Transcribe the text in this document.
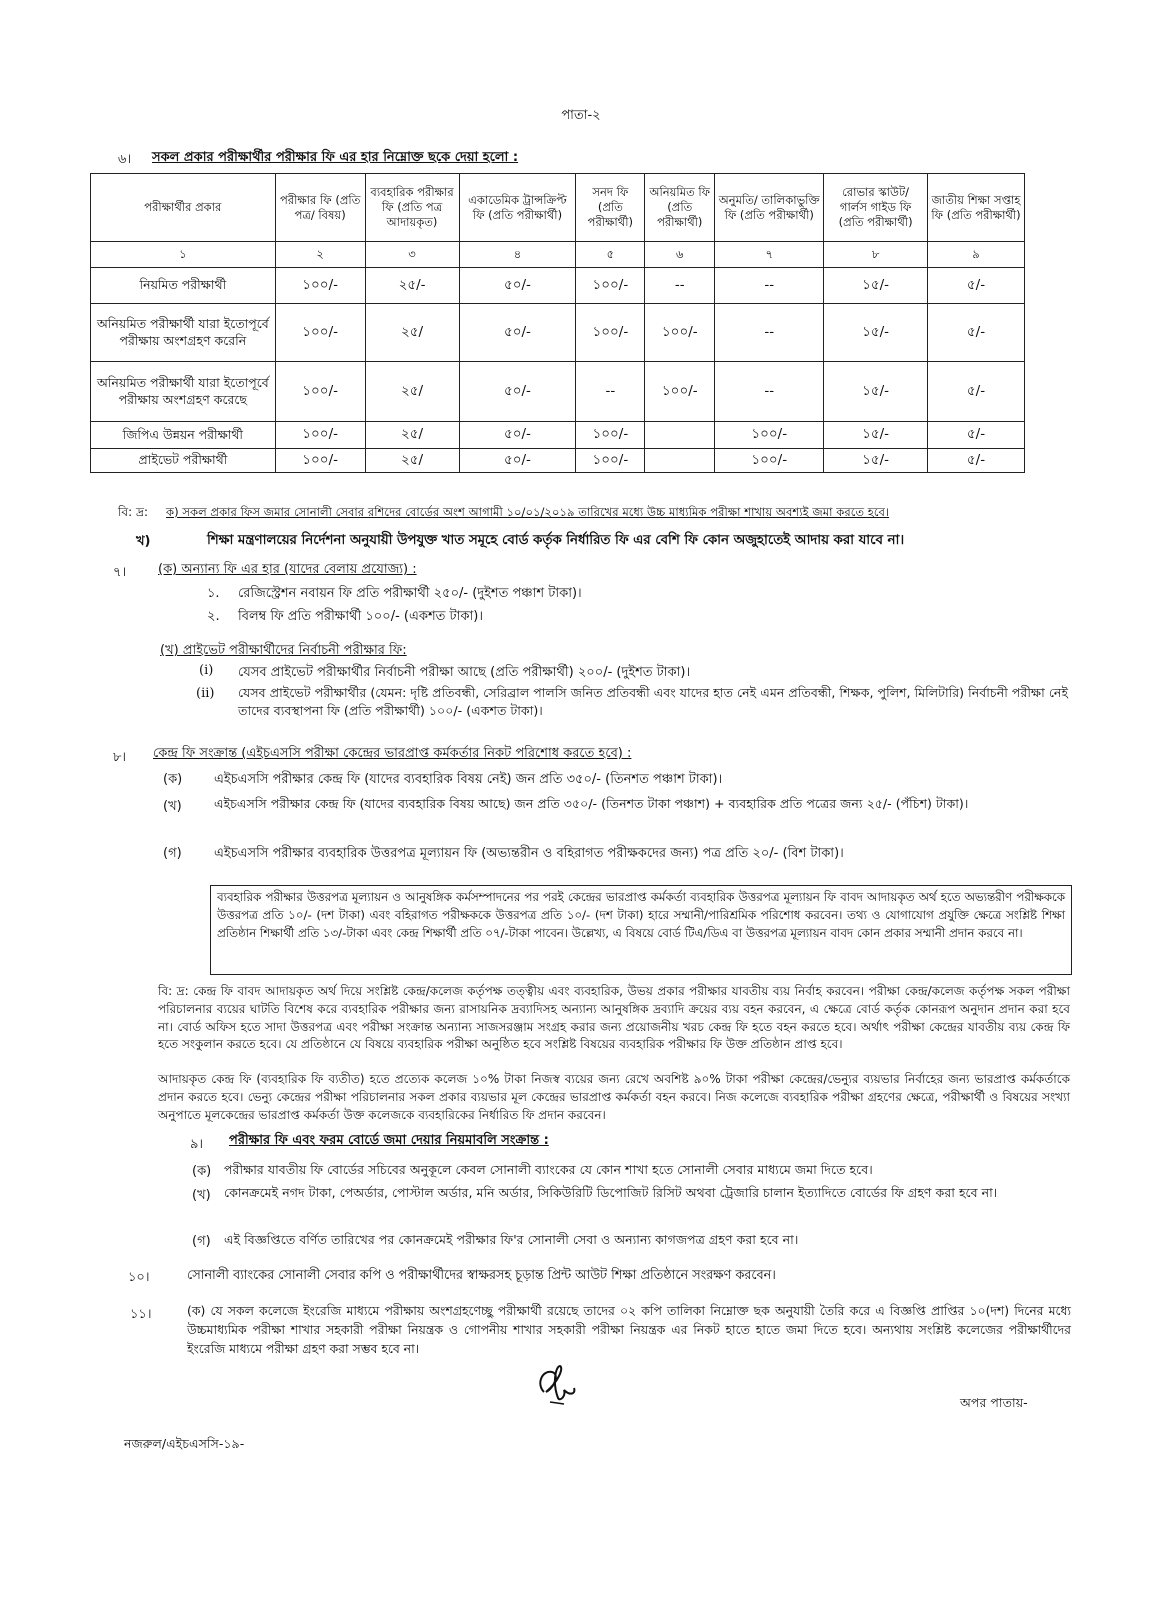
পাতা-২
৬। সকল প্রকার পরীক্ষার্থীর পরীক্ষার ফি এর হার নিম্নোক্ত ছকে দেয়া হলো :
পরীক্ষার্থীর প্রকার	পরীক্ষার ফি (প্রতি পত্র/ বিষয়)	ব্যবহারিক পরীক্ষার ফি (প্রতি পত্র আদায়কৃত)	একাডেমিক ট্রান্সক্রিপ্ট ফি (প্রতি পরীক্ষার্থী)	সনদ ফি (প্রতি পরীক্ষার্থী)	অনিয়মিত ফি (প্রতি পরীক্ষার্থী)	অনুমতি/ তালিকাভুক্তি ফি (প্রতি পরীক্ষার্থী)	রোভার স্কাউট/ গার্লস গাইড ফি (প্রতি পরীক্ষার্থী)	জাতীয় শিক্ষা সপ্তাহ ফি (প্রতি পরীক্ষার্থী)
১	২	৩	৪	৫	৬	৭	৮	৯
নিয়মিত পরীক্ষার্থী	১০০/-	২৫/-	৫০/-	১০০/-	--	--	১৫/-	৫/-
অনিয়মিত পরীক্ষার্থী যারা ইতোপূর্বে পরীক্ষায় অংশগ্রহণ করেনি	১০০/-	২৫/	৫০/-	১০০/-	১০০/-	--	১৫/-	৫/-
অনিয়মিত পরীক্ষার্থী যারা ইতোপূর্বে পরীক্ষায় অংশগ্রহণ করেছে	১০০/-	২৫/	৫০/-	--	১০০/-	--	১৫/-	৫/-
জিপিএ উন্নয়ন পরীক্ষার্থী	১০০/-	২৫/	৫০/-	১০০/-		১০০/-	১৫/-	৫/-
প্রাইভেট পরীক্ষার্থী	১০০/-	২৫/	৫০/-	১০০/-		১০০/-	১৫/-	৫/-
বি: দ্র: ক) সকল প্রকার ফিস জমার সোনালী সেবার রশিদের বোর্ডের অংশ আগামী ১০/০১/২০১৯ তারিখের মধ্যে উচ্চ মাধ্যমিক পরীক্ষা শাখায় অবশ্যই জমা করতে হবে।
খ)	শিক্ষা মন্ত্রণালয়ের নির্দেশনা অনুযায়ী উপযুক্ত খাত সমূহে বোর্ড কর্তৃক নির্ধারিত ফি এর বেশি ফি কোন অজুহাতেই আদায় করা যাবে না।
৭। (ক) অন্যান্য ফি এর হার (যাদের বেলায় প্রযোজ্য) :
১. রেজিস্ট্রেশন নবায়ন ফি প্রতি পরীক্ষার্থী ২৫০/- (দুইশত পঞ্চাশ টাকা)।
২. বিলম্ব ফি প্রতি পরীক্ষার্থী ১০০/- (একশত টাকা)।
(খ) প্রাইভেট পরীক্ষার্থীদের নির্বাচনী পরীক্ষার ফি:
(i) যেসব প্রাইভেট পরীক্ষার্থীর নির্বাচনী পরীক্ষা আছে (প্রতি পরীক্ষার্থী) ২০০/- (দুইশত টাকা)।
(ii) যেসব প্রাইভেট পরীক্ষার্থীর (যেমন: দৃষ্টি প্রতিবন্ধী, সেরিব্রাল পালসি জনিত প্রতিবন্ধী এবং যাদের হাত নেই এমন প্রতিবন্ধী, শিক্ষক, পুলিশ, মিলিটারি) নির্বাচনী পরীক্ষা নেই তাদের ব্যবস্থাপনা ফি (প্রতি পরীক্ষার্থী) ১০০/- (একশত টাকা)।
৮। কেন্দ্র ফি সংক্রান্ত (এইচএসসি পরীক্ষা কেন্দ্রের ভারপ্রাপ্ত কর্মকর্তার নিকট পরিশোধ করতে হবে) :
(ক) এইচএসসি পরীক্ষার কেন্দ্র ফি (যাদের ব্যবহারিক বিষয় নেই) জন প্রতি ৩৫০/- (তিনশত পঞ্চাশ টাকা)।
(খ)	এইচএসসি পরীক্ষার কেন্দ্র ফি (যাদের ব্যবহারিক বিষয় আছে) জন প্রতি ৩৫০/- (তিনশত টাকা পঞ্চাশ) + ব্যবহারিক প্রতি পত্রের জন্য ২৫/- (পঁচিশ) টাকা)।
(গ) এইচএসসি পরীক্ষার ব্যবহারিক উত্তরপত্র মূল্যায়ন ফি (অভ্যন্তরীন ও বহিরাগত পরীক্ষকদের জন্য) পত্র প্রতি ২০/- (বিশ টাকা)।
ব্যবহারিক পরীক্ষার উত্তরপত্র মূল্যায়ন ও আনুষঙ্গিক কর্মসম্পাদনের পর পরই কেন্দ্রের ভারপ্রাপ্ত কর্মকর্তা ব্যবহারিক উত্তরপত্র মূল্যায়ন ফি বাবদ আদায়কৃত অর্থ হতে অভ্যন্তরীণ পরীক্ষককে উত্তরপত্র প্রতি ১০/- (দশ টাকা) এবং বহিরাগত পরীক্ষককে উত্তরপত্র প্রতি ১০/- (দশ টাকা) হারে সম্মানী/পারিশ্রমিক পরিশোধ করবেন। তথ্য ও যোগাযোগ প্রযুক্তি ক্ষেত্রে সংশ্লিষ্ট শিক্ষা প্রতিষ্ঠান শিক্ষার্থী প্রতি ১৩/-টাকা এবং কেন্দ্র শিক্ষার্থী প্রতি ০৭/-টাকা পাবেন। উল্লেখ্য, এ বিষয়ে বোর্ড টিএ/ডিএ বা উত্তরপত্র মূল্যায়ন বাবদ কোন প্রকার সম্মানী প্রদান করবে না।
বি: দ্র: কেন্দ্র ফি বাবদ আদায়কৃত অর্থ দিয়ে সংশ্লিষ্ট কেন্দ্র/কলেজ কর্তৃপক্ষ তত্ত্বীয় এবং ব্যবহারিক, উভয় প্রকার পরীক্ষার যাবতীয় ব্যয় নির্বাহ করবেন। পরীক্ষা কেন্দ্র/কলেজ কর্তৃপক্ষ সকল পরীক্ষা পরিচালনার ব্যয়ের ঘাটতি বিশেষ করে ব্যবহারিক পরীক্ষার জন্য রাসায়নিক দ্রব্যাদিসহ অন্যান্য আনুষঙ্গিক দ্রব্যাদি ক্রয়ের ব্যয় বহন করবেন, এ ক্ষেত্রে বোর্ড কর্তৃক কোনরূপ অনুদান প্রদান করা হবে না। বোর্ড অফিস হতে সাদা উত্তরপত্র এবং পরীক্ষা সংক্রান্ত অন্যান্য সাজসরঞ্জাম সংগ্রহ করার জন্য প্রয়োজনীয় খরচ কেন্দ্র ফি হতে বহন করতে হবে। অর্থাৎ পরীক্ষা কেন্দ্রের যাবতীয় ব্যয় কেন্দ্র ফি হতে সংকুলান করতে হবে। যে প্রতিষ্ঠানে যে বিষয়ে ব্যবহারিক পরীক্ষা অনুষ্ঠিত হবে সংশ্লিষ্ট বিষয়ের ব্যবহারিক পরীক্ষার ফি উক্ত প্রতিষ্ঠান প্রাপ্ত হবে।
আদায়কৃত কেন্দ্র ফি (ব্যবহারিক ফি ব্যতীত) হতে প্রত্যেক কলেজ ১০% টাকা নিজস্ব ব্যয়ের জন্য রেখে অবশিষ্ট ৯০% টাকা পরীক্ষা কেন্দ্রের/ভেন্যুর ব্যয়ভার নির্বাহের জন্য ভারপ্রাপ্ত কর্মকর্তাকে প্রদান করতে হবে। ভেন্যু কেন্দ্রের পরীক্ষা পরিচালনার সকল প্রকার ব্যয়ভার মূল কেন্দ্রের ভারপ্রাপ্ত কর্মকর্তা বহন করবে। নিজ কলেজে ব্যবহারিক পরীক্ষা গ্রহণের ক্ষেত্রে, পরীক্ষার্থী ও বিষয়ের সংখ্যা অনুপাতে মূলকেন্দ্রের ভারপ্রাপ্ত কর্মকর্তা উক্ত কলেজকে ব্যবহারিকের নির্ধারিত ফি প্রদান করবেন।
৯। পরীক্ষার ফি এবং ফরম বোর্ডে জমা দেয়ার নিয়মাবলি সংক্রান্ত :
(ক) পরীক্ষার যাবতীয় ফি বোর্ডের সচিবের অনুকূলে কেবল সোনালী ব্যাংকের যে কোন শাখা হতে সোনালী সেবার মাধ্যমে জমা দিতে হবে।
(খ) কোনক্রমেই নগদ টাকা, পেঅর্ডার, পোস্টাল অর্ডার, মনি অর্ডার, সিকিউরিটি ডিপোজিট রিসিট অথবা ট্রেজারি চালান ইত্যাদিতে বোর্ডের ফি গ্রহণ করা হবে না।
(গ) এই বিজ্ঞপ্তিতে বর্ণিত তারিখের পর কোনক্রমেই পরীক্ষার ফি'র সোনালী সেবা ও অন্যান্য কাগজপত্র গ্রহণ করা হবে না।
১০।	সোনালী ব্যাংকের সোনালী সেবার কপি ও পরীক্ষার্থীদের স্বাক্ষরসহ চূড়ান্ত প্রিন্ট আউট শিক্ষা প্রতিষ্ঠানে সংরক্ষণ করবেন।
১১।	(ক) যে সকল কলেজে ইংরেজি মাধ্যমে পরীক্ষায় অংশগ্রহণেচ্ছু পরীক্ষার্থী রয়েছে তাদের ০২ কপি তালিকা নিম্নোক্ত ছক অনুযায়ী তৈরি করে এ বিজ্ঞপ্তি প্রাপ্তির ১০(দশ) দিনের মধ্যে উচ্চমাধ্যমিক পরীক্ষা শাখার সহকারী পরীক্ষা নিয়ন্ত্রক ও গোপনীয় শাখার সহকারী পরীক্ষা নিয়ন্ত্রক এর নিকট হাতে হাতে জমা দিতে হবে। অন্যথায় সংশ্লিষ্ট কলেজের পরীক্ষার্থীদের ইংরেজি মাধ্যমে পরীক্ষা গ্রহণ করা সম্ভব হবে না।
অপর পাতায়-
নজরুল/এইচএসসি-১৯-
